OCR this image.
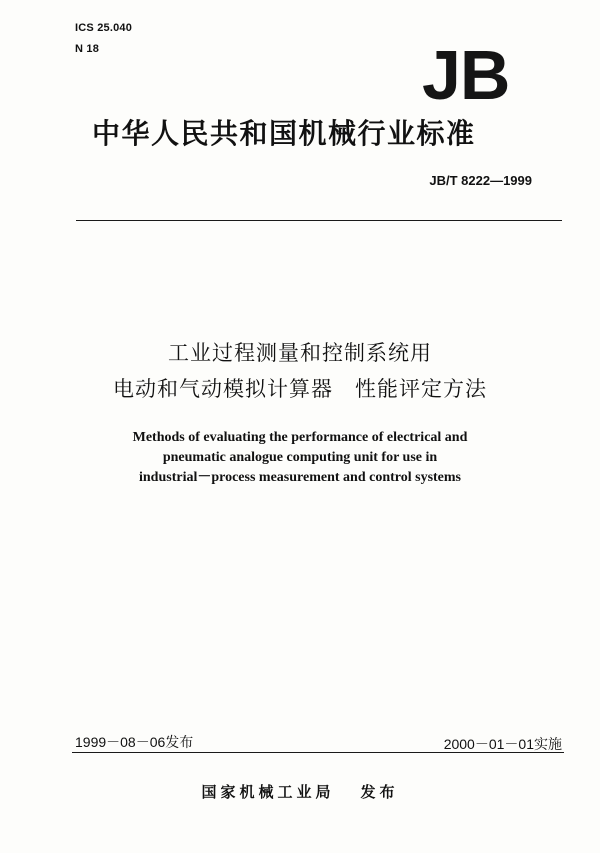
ICS 25.040
N 18	JB
中华人民共和国机械行业标准
JB/T 8222—1999
工业过程测量和控制系统用
电动和气动模拟计算器　性能评定方法
Methods of evaluating the performance of electrical and
pneumatic analogue computing unit for use in
industrial－process measurement and control systems
1999－08－06发布	2000－01－01实施
国家机械工业局 发布
